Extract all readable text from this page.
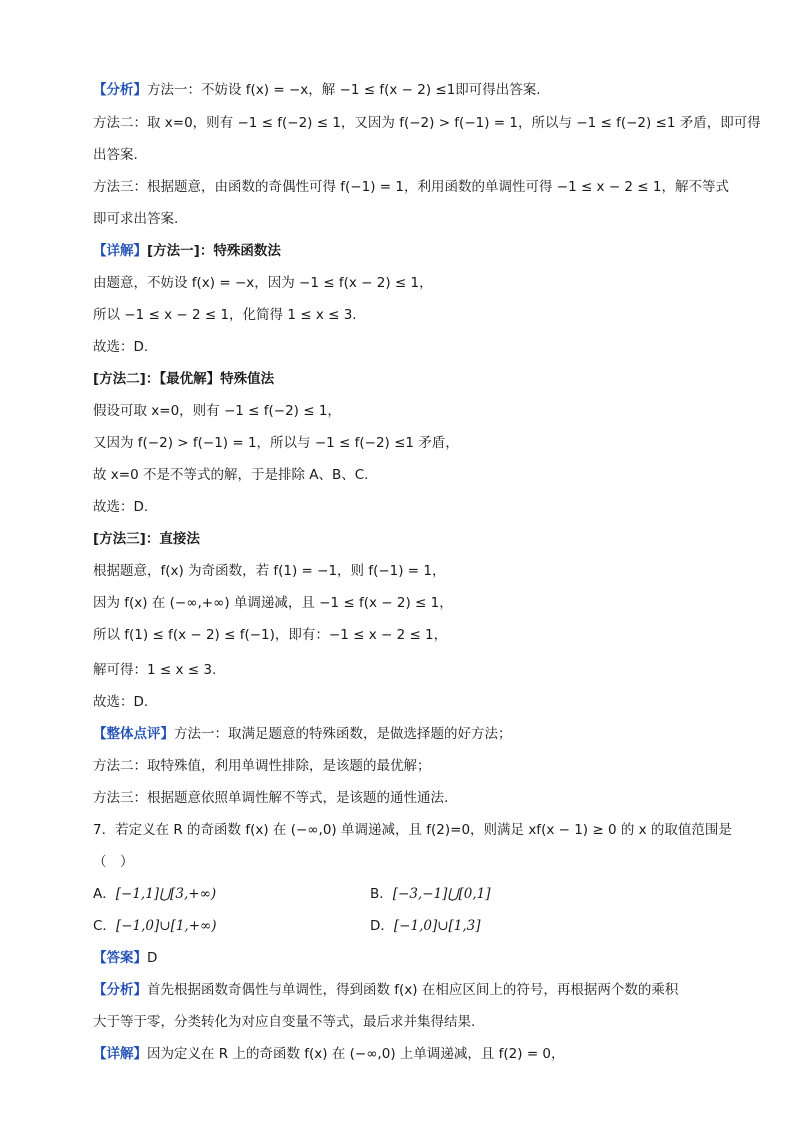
【分析】方法一：不妨设 f(x) = −x，解 −1 ≤ f(x − 2) ≤1即可得出答案.
方法二：取 x=0，则有 −1 ≤ f(−2) ≤ 1，又因为 f(−2) > f(−1) = 1，所以与 −1 ≤ f(−2) ≤1 矛盾，即可得
出答案.
方法三：根据题意，由函数的奇偶性可得 f(−1) = 1，利用函数的单调性可得 −1 ≤ x − 2 ≤ 1，解不等式
即可求出答案.
【详解】[方法一]：特殊函数法
由题意，不妨设 f(x) = −x，因为 −1 ≤ f(x − 2) ≤ 1，
所以 −1 ≤ x − 2 ≤ 1，化简得 1 ≤ x ≤ 3.
故选：D.
[方法二]：【最优解】特殊值法
假设可取 x=0，则有 −1 ≤ f(−2) ≤ 1，
又因为 f(−2) > f(−1) = 1，所以与 −1 ≤ f(−2) ≤1 矛盾，
故 x=0 不是不等式的解，于是排除 A、B、C.
故选：D.
[方法三]：直接法
根据题意，f(x) 为奇函数，若 f(1) = −1，则 f(−1) = 1，
因为 f(x) 在 (−∞,+∞) 单调递减，且 −1 ≤ f(x − 2) ≤ 1，
所以 f(1) ≤ f(x − 2) ≤ f(−1)，即有：−1 ≤ x − 2 ≤ 1，
解可得：1 ≤ x ≤ 3.
故选：D.
【整体点评】方法一：取满足题意的特殊函数，是做选择题的好方法；
方法二：取特殊值，利用单调性排除，是该题的最优解；
方法三：根据题意依照单调性解不等式，是该题的通性通法.
7．若定义在 R 的奇函数 f(x) 在 (−∞,0) 单调递减，且 f(2)=0，则满足 xf(x − 1) ≥ 0 的 x 的取值范围是
（　）
A．[−1,1]⋃[3,+∞)	B．[−3,−1]⋃[0,1]
C．[−1,0]∪[1,+∞)	D．[−1,0]∪[1,3]
【答案】D
【分析】首先根据函数奇偶性与单调性，得到函数 f(x) 在相应区间上的符号，再根据两个数的乘积
大于等于零，分类转化为对应自变量不等式，最后求并集得结果.
【详解】因为定义在 R 上的奇函数 f(x) 在 (−∞,0) 上单调递减，且 f(2) = 0，
